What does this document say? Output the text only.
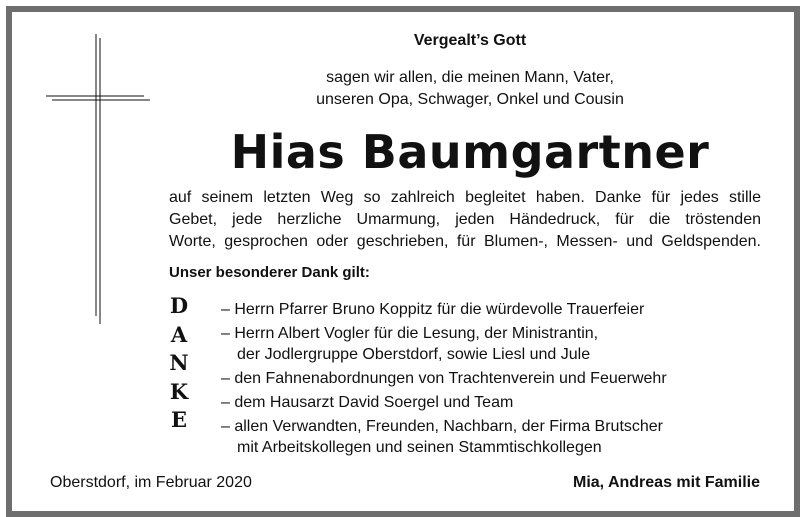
Vergealt’s Gott
sagen wir allen, die meinen Mann, Vater,
unseren Opa, Schwager, Onkel und Cousin
Hias Baumgartner
auf seinem letzten Weg so zahlreich begleitet haben. Danke für jedes stille
Gebet, jede herzliche Umarmung, jeden Händedruck, für die tröstenden
Worte, gesprochen oder geschrieben, für Blumen-, Messen- und Geldspenden.
Unser besonderer Dank gilt:
D
A
N
K
E
– Herrn Pfarrer Bruno Koppitz für die würdevolle Trauerfeier
– Herrn Albert Vogler für die Lesung, der Ministrantin,
der Jodlergruppe Oberstdorf, sowie Liesl und Jule
– den Fahnenabordnungen von Trachtenverein und Feuerwehr
– dem Hausarzt David Soergel und Team
– allen Verwandten, Freunden, Nachbarn, der Firma Brutscher
mit Arbeitskollegen und seinen Stammtischkollegen
Oberstdorf, im Februar 2020	Mia, Andreas mit Familie
